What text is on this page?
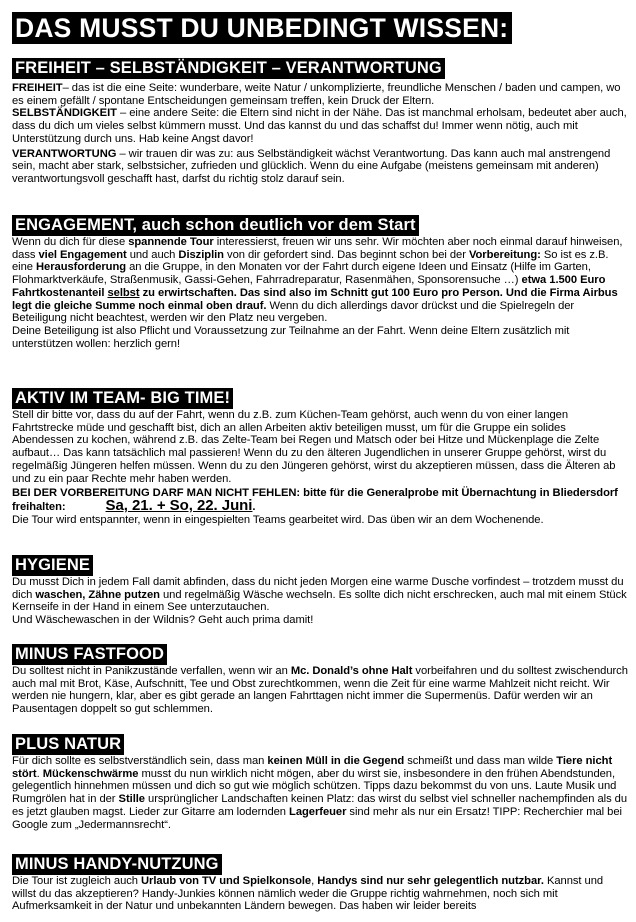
DAS MUSST DU UNBEDINGT WISSEN:
FREIHEIT – SELBSTÄNDIGKEIT – VERANTWORTUNG

FREIHEIT– das ist die eine Seite: wunderbare, weite Natur / unkomplizierte, freundliche Menschen / baden und campen, wo es einem gefällt / spontane Entscheidungen gemeinsam treffen, kein Druck der Eltern.

SELBSTÄNDIGKEIT – eine andere Seite: die Eltern sind nicht in der Nähe. Das ist manchmal erholsam, bedeutet aber auch, dass du dich um vieles selbst kümmern musst. Und das kannst du und das schaffst du! Immer wenn nötig, auch mit Unterstützung durch uns. Hab keine Angst davor!

VERANTWORTUNG – wir trauen dir was zu: aus Selbständigkeit wächst Verantwortung. Das kann auch mal anstrengend sein, macht aber stark, selbstsicher, zufrieden und glücklich. Wenn du eine Aufgabe (meistens gemeinsam mit anderen) verantwortungsvoll geschafft hast, darfst du richtig stolz darauf sein.

ENGAGEMENT, auch schon deutlich vor dem Start

Wenn du dich für diese spannende Tour interessierst, freuen wir uns sehr. Wir möchten aber noch einmal darauf hinweisen, dass viel Engagement und auch Disziplin von dir gefordert sind. Das beginnt schon bei der Vorbereitung: So ist es z.B. eine Herausforderung an die Gruppe, in den Monaten vor der Fahrt durch eigene Ideen und Einsatz (Hilfe im Garten, Flohmarktverkäufe, Straßenmusik, Gassi-Gehen, Fahrradreparatur, Rasenmähen, Sponsorensuche …) etwa 1.500 Euro Fahrtkostenanteil selbst zu erwirtschaften. Das sind also im Schnitt gut 100 Euro pro Person. Und die Firma Airbus legt die gleiche Summe noch einmal oben drauf. Wenn du dich allerdings davor drückst und die Spielregeln der Beteiligung nicht beachtest, werden wir den Platz neu vergeben.

Deine Beteiligung ist also Pflicht und Voraussetzung zur Teilnahme an der Fahrt. Wenn deine Eltern zusätzlich mit unterstützen wollen: herzlich gern!

AKTIV IM TEAM- BIG TIME!

Stell dir bitte vor, dass du auf der Fahrt, wenn du z.B. zum Küchen-Team gehörst, auch wenn du von einer langen Fahrtstrecke müde und geschafft bist, dich an allen Arbeiten aktiv beteiligen musst, um für die Gruppe ein solides Abendessen zu kochen, während z.B. das Zelte-Team bei Regen und Matsch oder bei Hitze und Mückenplage die Zelte aufbaut… Das kann tatsächlich mal passieren! Wenn du zu den älteren Jugendlichen in unserer Gruppe gehörst, wirst du regelmäßig Jüngeren helfen müssen. Wenn du zu den Jüngeren gehörst, wirst du akzeptieren müssen, dass die Älteren ab und zu ein paar Rechte mehr haben werden.

BEI DER VORBEREITUNG DARF MAN NICHT FEHLEN: bitte für die Generalprobe mit Übernachtung in Bliedersdorf freihalten:	Sa, 21. + So, 22. Juni.

Die Tour wird entspannter, wenn in eingespielten Teams gearbeitet wird. Das üben wir an dem Wochenende.

HYGIENE

Du musst Dich in jedem Fall damit abfinden, dass du nicht jeden Morgen eine warme Dusche vorfindest – trotzdem musst du dich waschen, Zähne putzen und regelmäßig Wäsche wechseln. Es sollte dich nicht erschrecken, auch mal mit einem Stück Kernseife in der Hand in einem See unterzutauchen.

Und Wäschewaschen in der Wildnis? Geht auch prima damit!

MINUS FASTFOOD

Du solltest nicht in Panikzustände verfallen, wenn wir an Mc. Donald’s ohne Halt vorbeifahren und du solltest zwischendurch auch mal mit Brot, Käse, Aufschnitt, Tee und Obst zurechtkommen, wenn die Zeit für eine warme Mahlzeit nicht reicht. Wir werden nie hungern, klar, aber es gibt gerade an langen Fahrttagen nicht immer die Supermenüs. Dafür werden wir an Pausentagen doppelt so gut schlemmen.

PLUS NATUR

Für dich sollte es selbstverständlich sein, dass man keinen Müll in die Gegend schmeißt und dass man wilde Tiere nicht stört. Mückenschwärme musst du nun wirklich nicht mögen, aber du wirst sie, insbesondere in den frühen Abendstunden, gelegentlich hinnehmen müssen und dich so gut wie möglich schützen. Tipps dazu bekommst du von uns. Laute Musik und Rumgrölen hat in der Stille ursprünglicher Landschaften keinen Platz: das wirst du selbst viel schneller nachempfinden als du es jetzt glauben magst. Lieder zur Gitarre am lodernden Lagerfeuer sind mehr als nur ein Ersatz! TIPP: Recherchier mal bei Google zum „Jedermannsrecht“.

MINUS HANDY-NUTZUNG

Die Tour ist zugleich auch Urlaub von TV und Spielkonsole, Handys sind nur sehr gelegentlich nutzbar. Kannst und willst du das akzeptieren? Handy-Junkies können nämlich weder die Gruppe richtig wahrnehmen, noch sich mit Aufmerksamkeit in der Natur und unbekannten Ländern bewegen. Das haben wir leider bereits
